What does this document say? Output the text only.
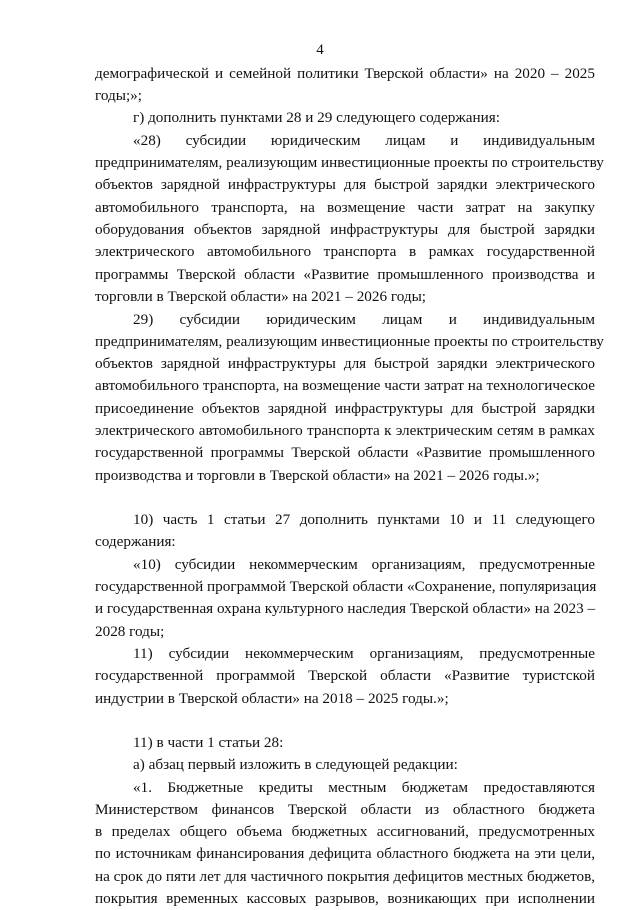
4
демографической и семейной политики Тверской области» на 2020 – 2025
годы;»;
г) дополнить пунктами 28 и 29 следующего содержания:
«28) субсидии юридическим лицам и индивидуальным
предпринимателям, реализующим инвестиционные проекты по строительству
объектов зарядной инфраструктуры для быстрой зарядки электрического
автомобильного транспорта, на возмещение части затрат на закупку
оборудования объектов зарядной инфраструктуры для быстрой зарядки
электрического автомобильного транспорта в рамках государственной
программы Тверской области «Развитие промышленного производства и
торговли в Тверской области» на 2021 – 2026 годы;
29) субсидии юридическим лицам и индивидуальным
предпринимателям, реализующим инвестиционные проекты по строительству
объектов зарядной инфраструктуры для быстрой зарядки электрического
автомобильного транспорта, на возмещение части затрат на технологическое
присоединение объектов зарядной инфраструктуры для быстрой зарядки
электрического автомобильного транспорта к электрическим сетям в рамках
государственной программы Тверской области «Развитие промышленного
производства и торговли в Тверской области» на 2021 – 2026 годы.»;
10) часть 1 статьи 27 дополнить пунктами 10 и 11 следующего
содержания:
«10) субсидии некоммерческим организациям, предусмотренные
государственной программой Тверской области «Сохранение, популяризация
и государственная охрана культурного наследия Тверской области» на 2023 –
2028 годы;
11) субсидии некоммерческим организациям, предусмотренные
государственной программой Тверской области «Развитие туристской
индустрии в Тверской области» на 2018 – 2025 годы.»;
11) в части 1 статьи 28:
а) абзац первый изложить в следующей редакции:
«1. Бюджетные кредиты местным бюджетам предоставляются
Министерством финансов Тверской области из областного бюджета
в пределах общего объема бюджетных ассигнований, предусмотренных
по источникам финансирования дефицита областного бюджета на эти цели,
на срок до пяти лет для частичного покрытия дефицитов местных бюджетов,
покрытия временных кассовых разрывов, возникающих при исполнении
